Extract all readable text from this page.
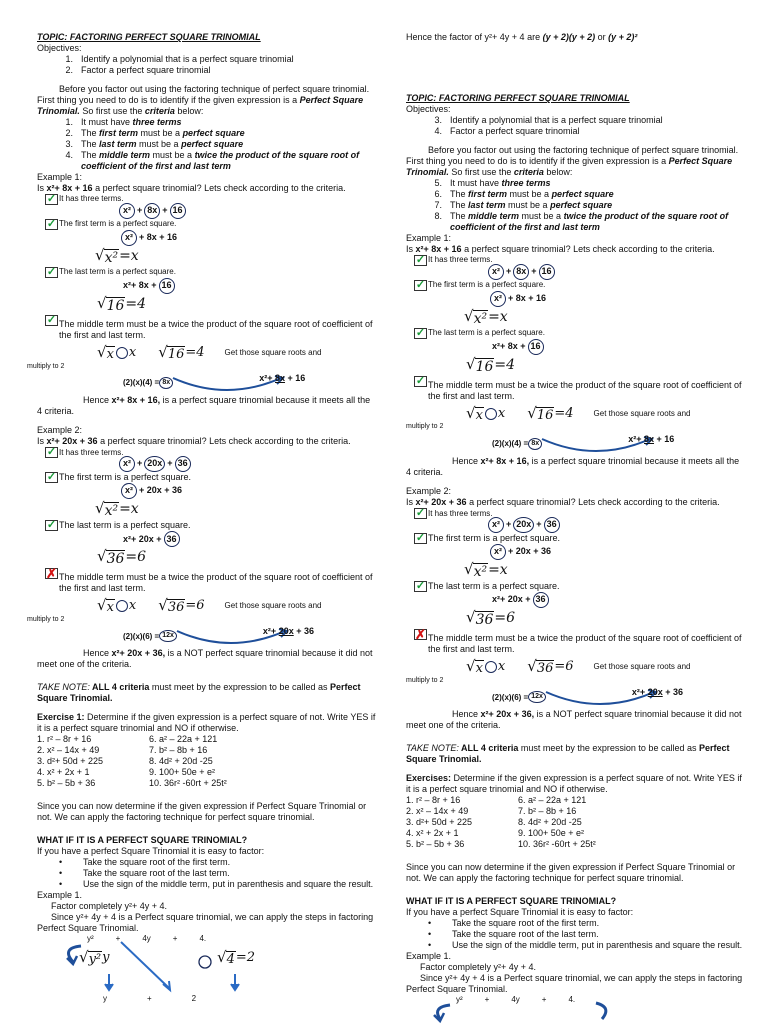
TOPIC: FACTORING PERFECT SQUARE TRINOMIAL
Objectives:
1. Identify a polynomial that is a perfect square trinomial
2. Factor a perfect square trinomial
Before you factor out using the factoring technique of perfect square trinomial. First thing you need to do is to identify if the given expression is a Perfect Square Trinomial. So first use the criteria below:
1. It must have three terms
2. The first term must be a perfect square
3. The last term must be a perfect square
4. The middle term must be a twice the product of the square root of coefficient of the first and last term
Example 1:
Is x²+ 8x + 16 a perfect square trinomial? Lets check according to the criteria.
✓
It has three terms.
x² + 8x + 16
✓
The first term is a perfect square.
x² + 8x + 16
√ x² =x
✓
The last term is a perfect square.
x²+ 8x + 16
√ 16 =4
✓
The middle term must be a twice the product of the square root of coefficient of the first and last term.
√ x x √ 16 =4	Get those square roots and
multiply to 2
(2)(x)(4) = 8x	x²+ 8x + 16
Hence x²+ 8x + 16, is a perfect square trinomial because it meets all the 4 criteria.
Example 2:
Is x²+ 20x + 36 a perfect square trinomial? Lets check according to the criteria.
✓
It has three terms.
x² + 20x + 36
✓
The first term is a perfect square.
x² + 20x + 36
√ x² =x
✓
The last term is a perfect square.
x²+ 20x + 36
√ 36 =6
✗
The middle term must be a twice the product of the square root of coefficient of the first and last term.
√ x x √ 36 =6	Get those square roots and
multiply to 2
(2)(x)(6) = 12x	x²+ 20x + 36
Hence x²+ 20x + 36, is a NOT perfect square trinomial because it did not meet one of the criteria.
TAKE NOTE: ALL 4 criteria must meet by the expression to be called as Perfect Square Trinomial.
Exercise 1: Determine if the given expression is a perfect square of not. Write YES if it is a perfect square trinomial and NO if otherwise.
1. r² – 8r + 16	6. a² – 22a + 121
2. x² – 14x + 49	7. b² – 8b + 16
3. d²+ 50d + 225	8. 4d² + 20d -25
4. x² + 2x + 1	9. 100+ 50e + e²
5. b² – 5b + 36	10. 36r² -60rt + 25t²
Since you can now determine if the given expression if Perfect Square Trinomial or not. We can apply the factoring technique for perfect square trinomial.
WHAT IF IT IS A PERFECT SQUARE TRINOMIAL?
If you have a perfect Square Trinomial it is easy to factor:
•	Take the square root of the first term.
•	Take the square root of the last term.
•	Use the sign of the middle term, put in parenthesis and square the result.
Example 1.
Factor completely y²+ 4y + 4.
Since y²+ 4y + 4 is a Perfect square trinomial, we can apply the steps in factoring Perfect Square Trinomial.
y²	+	4y	+	4.
√ y² y	√ 4 =2
y	+	2
Hence the factor of y²+ 4y + 4 are (y + 2)(y + 2) or (y + 2)²
TOPIC: FACTORING PERFECT SQUARE TRINOMIAL
Objectives:
3. Identify a polynomial that is a perfect square trinomial
4. Factor a perfect square trinomial
Before you factor out using the factoring technique of perfect square trinomial. First thing you need to do is to identify if the given expression is a Perfect Square Trinomial. So first use the criteria below:
5. It must have three terms
6. The first term must be a perfect square
7. The last term must be a perfect square
8. The middle term must be a twice the product of the square root of coefficient of the first and last term
Example 1:
Is x²+ 8x + 16 a perfect square trinomial? Lets check according to the criteria.
✓
It has three terms.
x² + 8x + 16
✓
The first term is a perfect square.
x² + 8x + 16
√ x² =x
✓
The last term is a perfect square.
x²+ 8x + 16
√ 16 =4
✓
The middle term must be a twice the product of the square root of coefficient of the first and last term.
√ x x √ 16 =4	Get those square roots and
multiply to 2
(2)(x)(4) = 8x	x²+ 8x + 16
Hence x²+ 8x + 16, is a perfect square trinomial because it meets all the 4 criteria.
Example 2:
Is x²+ 20x + 36 a perfect square trinomial? Lets check according to the criteria.
✓
It has three terms.
x² + 20x + 36
✓
The first term is a perfect square.
x² + 20x + 36
√ x² =x
✓
The last term is a perfect square.
x²+ 20x + 36
√ 36 =6
✗
The middle term must be a twice the product of the square root of coefficient of the first and last term.
√ x x √ 36 =6	Get those square roots and
multiply to 2
(2)(x)(6) = 12x	x²+ 20x + 36
Hence x²+ 20x + 36, is a NOT perfect square trinomial because it did not meet one of the criteria.
TAKE NOTE: ALL 4 criteria must meet by the expression to be called as Perfect Square Trinomial.
Exercises: Determine if the given expression is a perfect square of not. Write YES if it is a perfect square trinomial and NO if otherwise.
1. r² – 8r + 16	6. a² – 22a + 121
2. x² – 14x + 49	7. b² – 8b + 16
3. d²+ 50d + 225	8. 4d² + 20d -25
4. x² + 2x + 1	9. 100+ 50e + e²
5. b² – 5b + 36	10. 36r² -60rt + 25t²
Since you can now determine if the given expression if Perfect Square Trinomial or not. We can apply the factoring technique for perfect square trinomial.
WHAT IF IT IS A PERFECT SQUARE TRINOMIAL?
If you have a perfect Square Trinomial it is easy to factor:
•	Take the square root of the first term.
•	Take the square root of the last term.
•	Use the sign of the middle term, put in parenthesis and square the result.
Example 1.
Factor completely y²+ 4y + 4.
Since y²+ 4y + 4 is a Perfect square trinomial, we can apply the steps in factoring Perfect Square Trinomial.
y²	+	4y	+	4.
